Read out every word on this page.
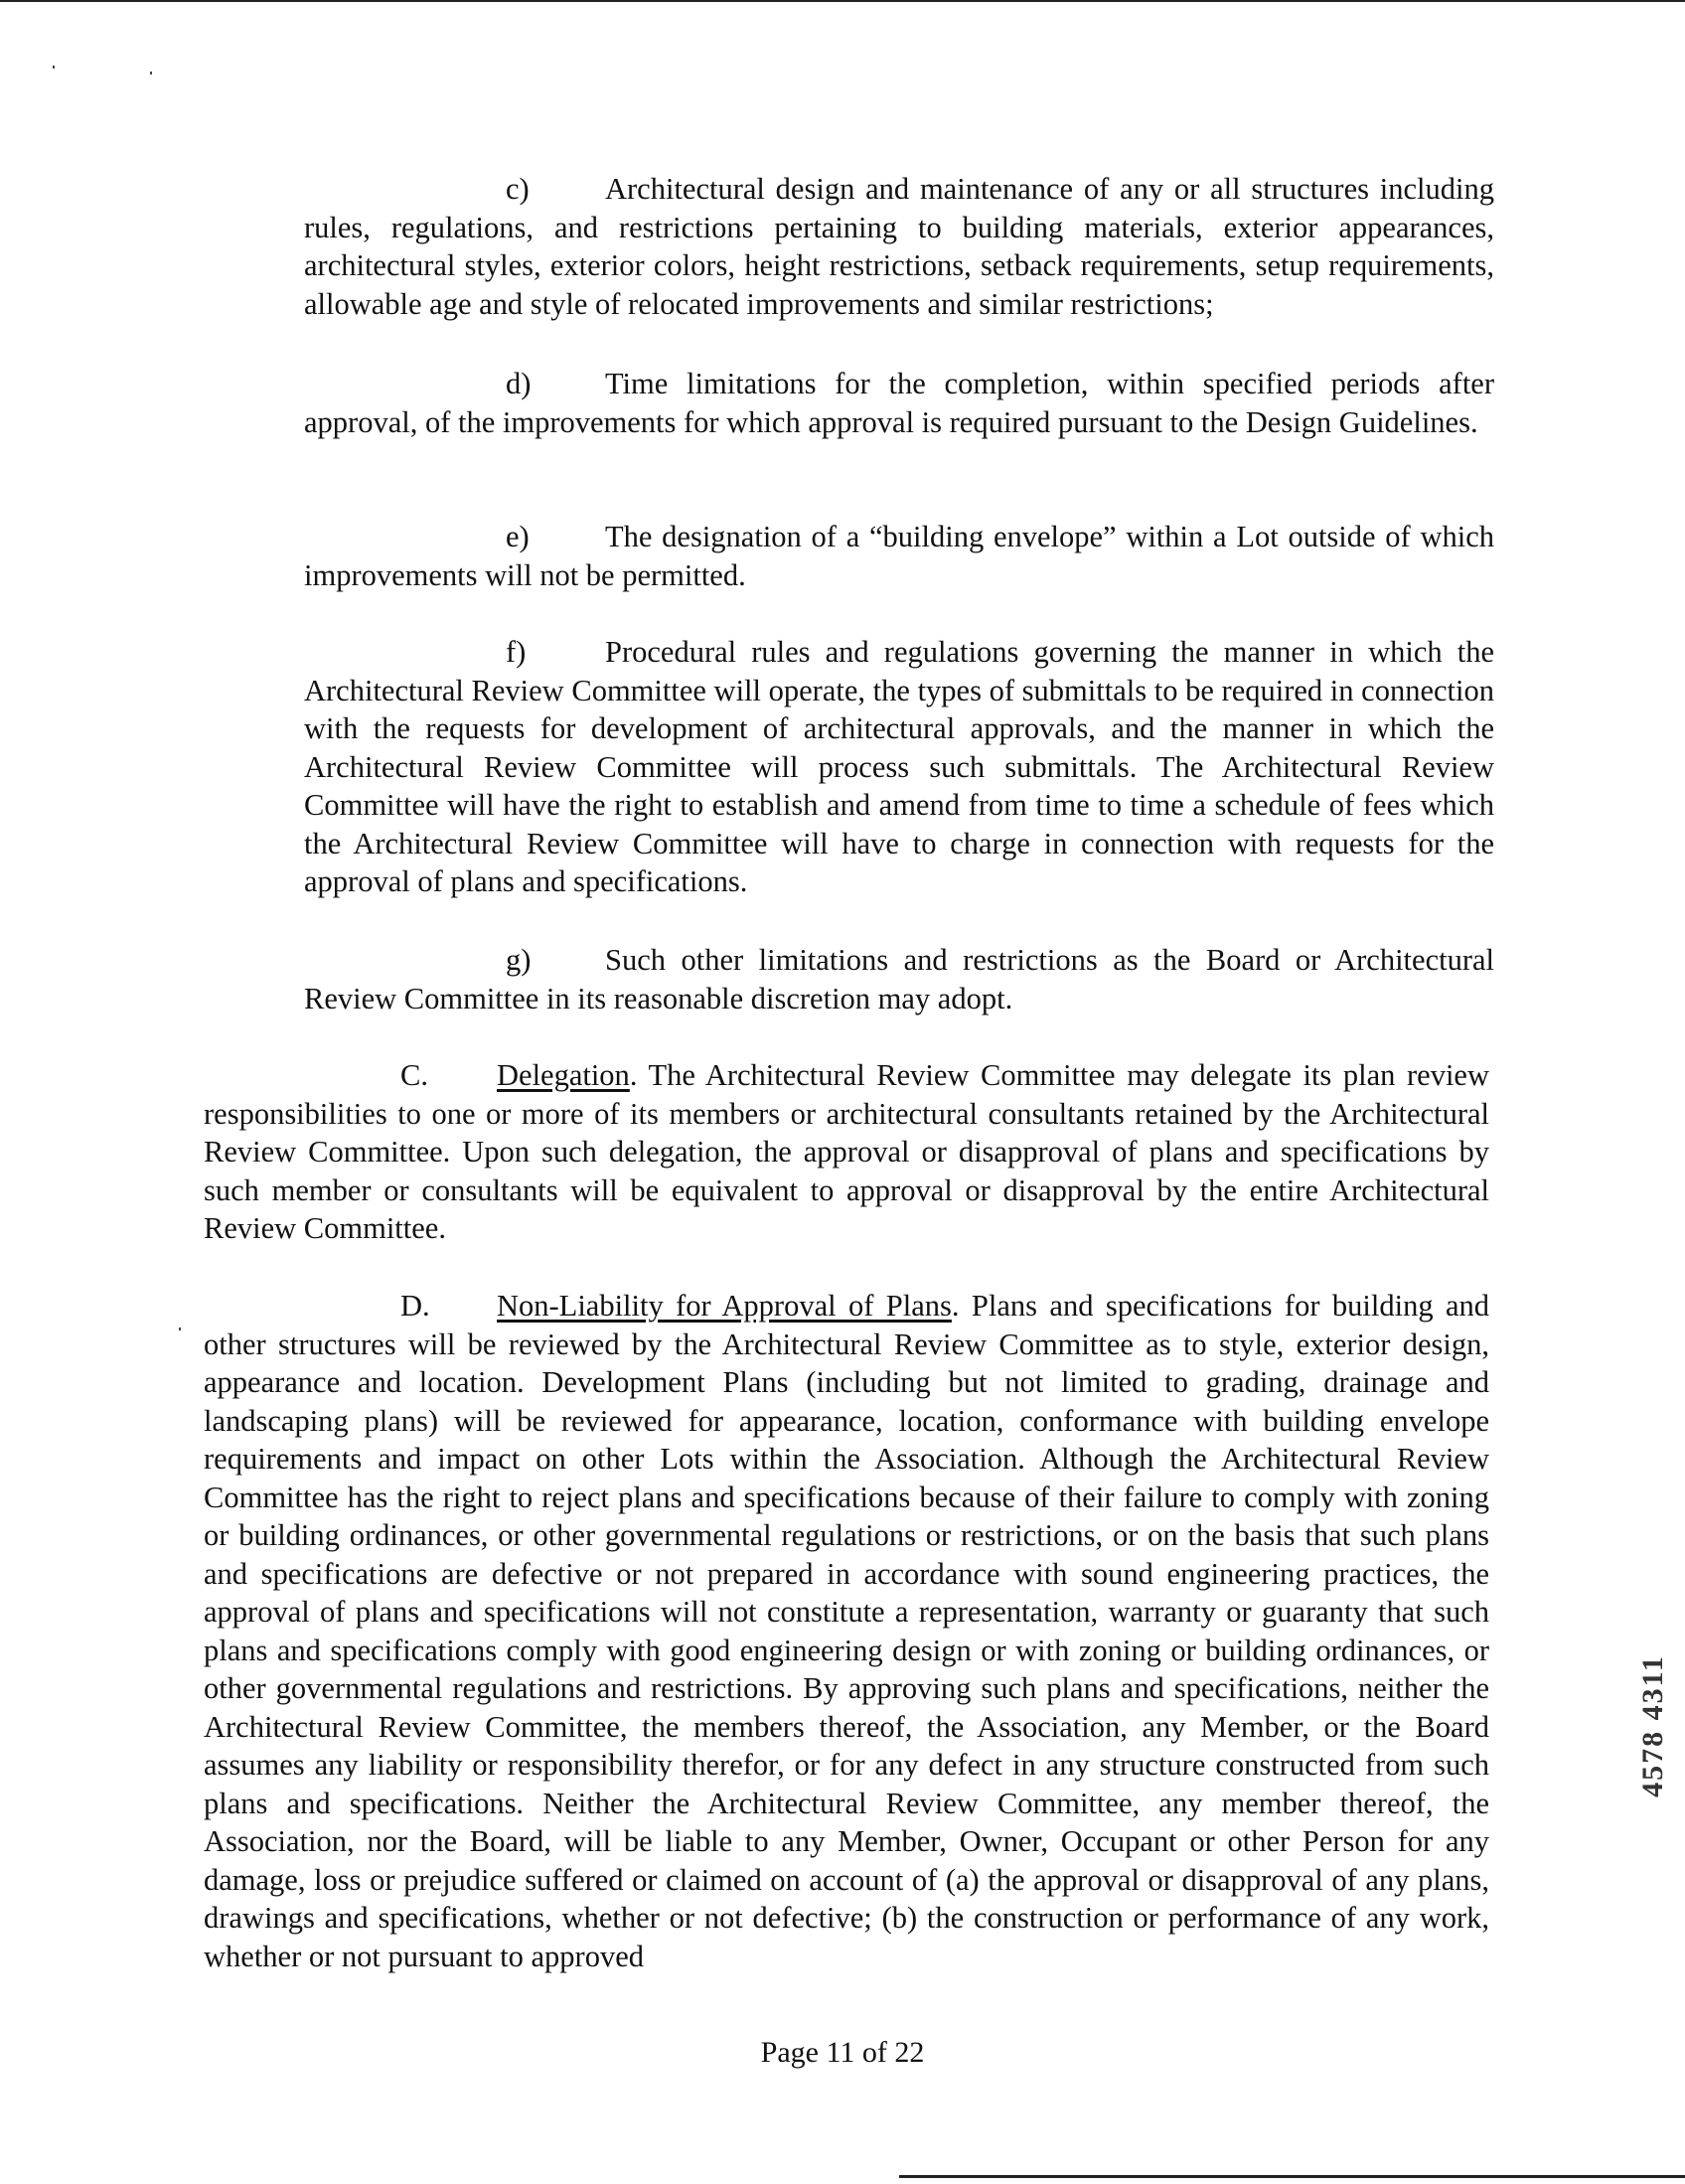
c)	Architectural design and maintenance of any or all structures including rules, regulations, and restrictions pertaining to building materials, exterior appearances, architectural styles, exterior colors, height restrictions, setback requirements, setup requirements, allowable age and style of relocated improvements and similar restrictions;

d) Time limitations for the completion, within specified periods after approval, of the improvements for which approval is required pursuant to the Design Guidelines.

e)	The designation of a “building envelope” within a Lot outside of which improvements will not be permitted.

f)	Procedural rules and regulations governing the manner in which the Architectural Review Committee will operate, the types of submittals to be required in connection with the requests for development of architectural approvals, and the manner in which the Architectural Review Committee will process such submittals. The Architectural Review Committee will have the right to establish and amend from time to time a schedule of fees which the Architectural Review Committee will have to charge in connection with requests for the approval of plans and specifications.

g) Such other limitations and restrictions as the Board or Architectural Review Committee in its reasonable discretion may adopt.

C. Delegation. The Architectural Review Committee may delegate its plan review responsibilities to one or more of its members or architectural consultants retained by the Architectural Review Committee. Upon such delegation, the approval or disapproval of plans and specifications by such member or consultants will be equivalent to approval or disapproval by the entire Architectural Review Committee.

D. Non-Liability for Approval of Plans. Plans and specifications for building and other structures will be reviewed by the Architectural Review Committee as to style, exterior design, appearance and location. Development Plans (including but not limited to grading, drainage and landscaping plans) will be reviewed for appearance, location, conformance with building envelope requirements and impact on other Lots within the Association. Although the Architectural Review Committee has the right to reject plans and specifications because of their failure to comply with zoning or building ordinances, or other governmental regulations or restrictions, or on the basis that such plans and specifications are defective or not prepared in accordance with sound engineering practices, the approval of plans and specifications will not constitute a representation, warranty or guaranty that such plans and specifications comply with good engineering design or with zoning or building ordinances, or other governmental regulations and restrictions. By approving such plans and specifications, neither the Architectural Review Committee, the members thereof, the Association, any Member, or the Board assumes any liability or responsibility therefor, or for any defect in any structure constructed from such plans and specifications. Neither the Architectural Review Committee, any member thereof, the Association, nor the Board, will be liable to any Member, Owner, Occupant or other Person for any damage, loss or prejudice suffered or claimed on account of (a) the approval or disapproval of any plans, drawings and specifications, whether or not defective; (b) the construction or performance of any work, whether or not pursuant to approved

Page 11 of 22
4578 4311
